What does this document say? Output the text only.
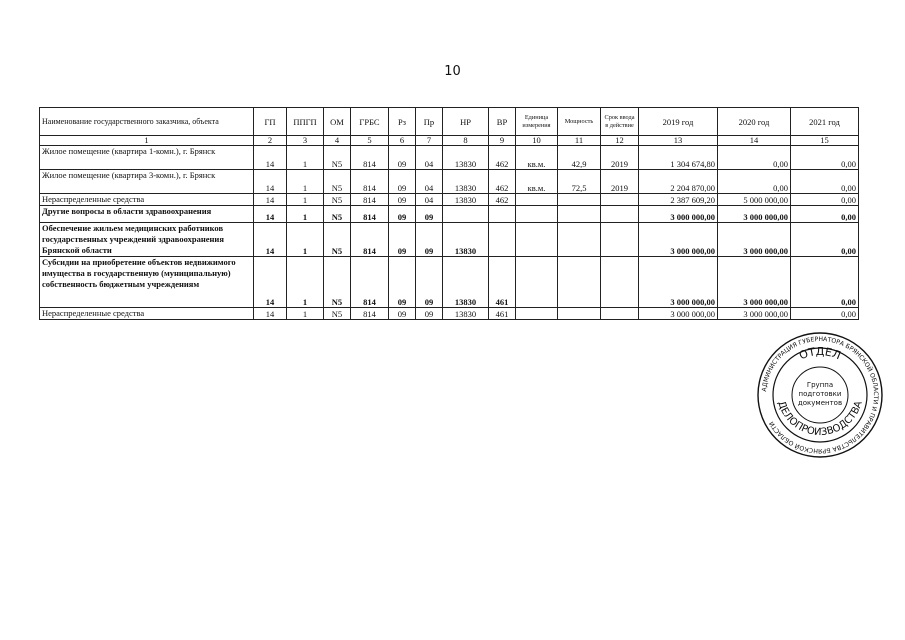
10
Наименование государственного заказчика, объекта	ГП	ППГП	ОМ	ГРБС	Рз	Пр	НР	ВР	Единица измерения	Мощность	Срок ввода в действие	2019 год	2020 год	2021 год
1	2	3	4	5	6	7	8	9	10	11	12	13	14	15
Жилое помещение (квартира 1-комн.), г. Брянск	14	1	N5	814	09	04	13830	462	кв.м.	42,9	2019	1 304 674,80	0,00	0,00
Жилое помещение (квартира 3-комн.), г. Брянск	14	1	N5	814	09	04	13830	462	кв.м.	72,5	2019	2 204 870,00	0,00	0,00
Нераспределенные средства	14	1	N5	814	09	04	13830	462				2 387 609,20	5 000 000,00	0,00
Другие вопросы в области здравоохранения	14	1	N5	814	09	09						3 000 000,00	3 000 000,00	0,00
Обеспечение жильем медицинских работников государственных учреждений здравоохранения Брянской области	14	1	N5	814	09	09	13830					3 000 000,00	3 000 000,00	0,00
Субсидии на приобретение объектов недвижимого имущества в государственную (муниципальную) собственность бюджетным учреждениям	14	1	N5	814	09	09	13830	461				3 000 000,00	3 000 000,00	0,00
Нераспределенные средства	14	1	N5	814	09	09	13830	461				3 000 000,00	3 000 000,00	0,00
АДМИНИСТРАЦИЯ ГУБЕРНАТОРА БРЯНСКОЙ ОБЛАСТИ И ПРАВИТЕЛЬСТВА БРЯНСКОЙ ОБЛАСТИ
ОТДЕЛ
ДЕЛОПРОИЗВОДСТВА
Группа
подготовки
документов
